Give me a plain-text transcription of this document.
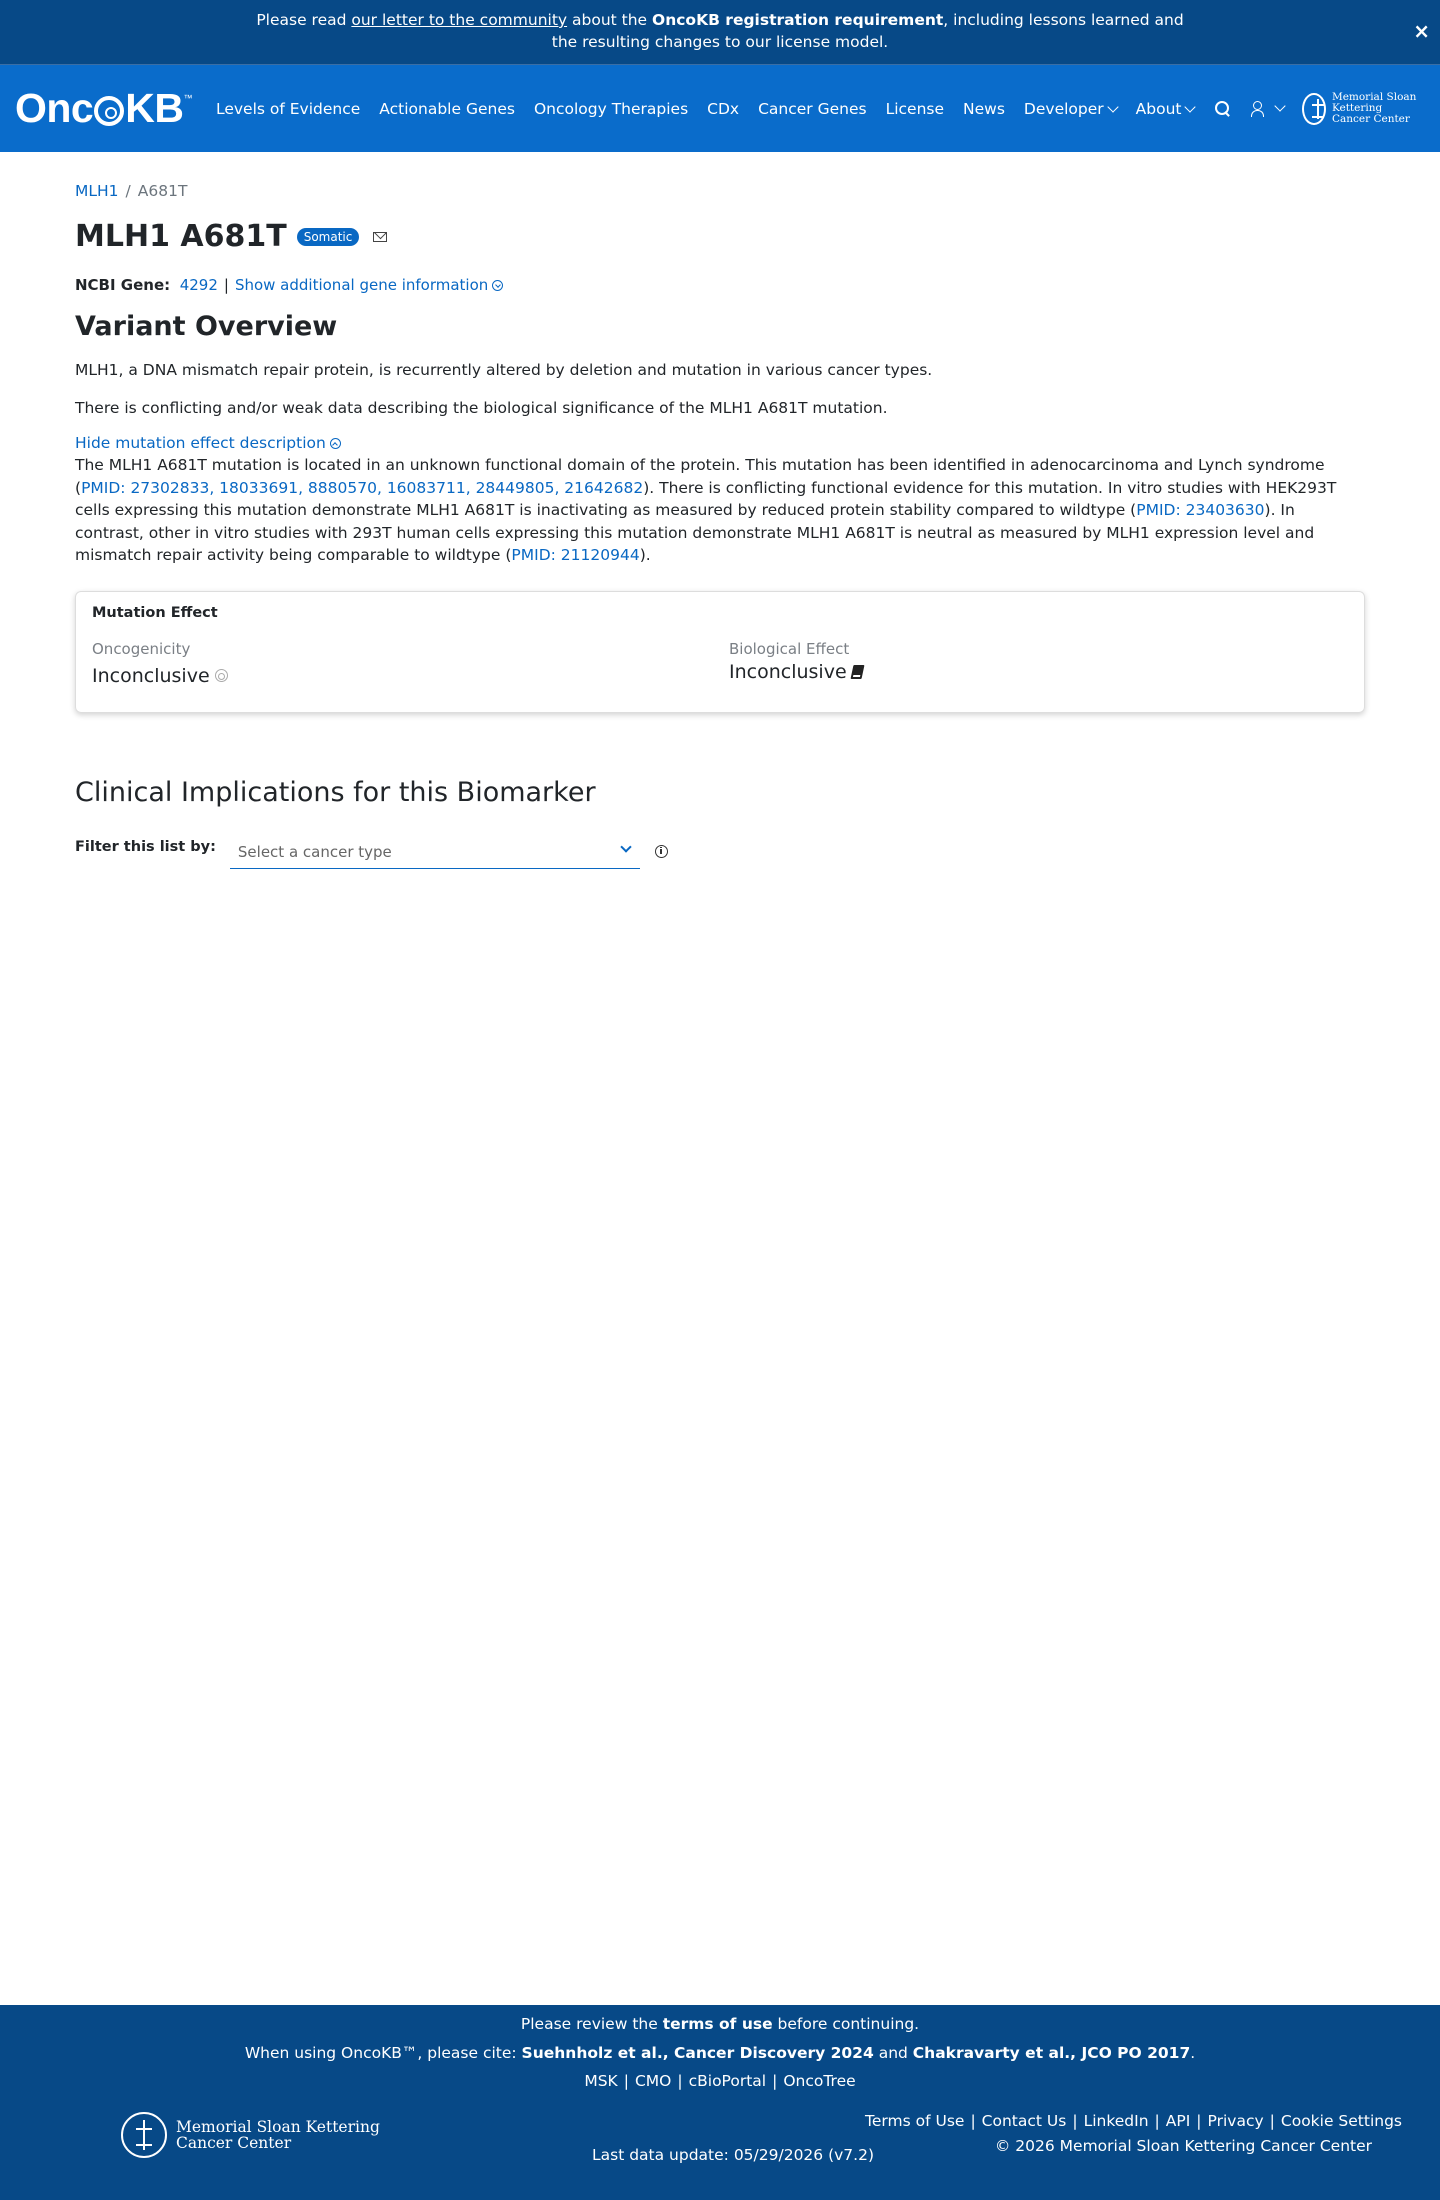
Please read our letter to the community about the OncoKB registration requirement, including lessons learned and
the resulting changes to our license model.	×
Onc KB™
Levels of Evidence Actionable Genes Oncology Therapies CDx Cancer Genes License News Developer	About
Memorial Sloan Kettering
Cancer Center
MLH1 / A681T
MLH1 A681T	Somatic
NCBI Gene: 4292 | Show additional gene information
Variant Overview

MLH1, a DNA mismatch repair protein, is recurrently altered by deletion and mutation in various cancer types.

There is conflicting and/or weak data describing the biological significance of the MLH1 A681T mutation.

Hide mutation effect description

The MLH1 A681T mutation is located in an unknown functional domain of the protein. This mutation has been identified in adenocarcinoma and Lynch syndrome (PMID: 27302833, 18033691, 8880570, 16083711, 28449805, 21642682). There is conflicting functional evidence for this mutation. In vitro studies with HEK293T cells expressing this mutation demonstrate MLH1 A681T is inactivating as measured by reduced protein stability compared to wildtype (PMID: 23403630). In contrast, other in vitro studies with 293T human cells expressing this mutation demonstrate MLH1 A681T is neutral as measured by MLH1 expression level and mismatch repair activity being comparable to wildtype (PMID: 21120944).

Mutation Effect
Oncogenicity
Inconclusive
Biological Effect
Inconclusive
Clinical Implications for this Biomarker
Filter this list by:	Select a cancer type
Please review the terms of use before continuing.
When using OncoKB™, please cite: Suehnholz et al., Cancer Discovery 2024 and Chakravarty et al., JCO PO 2017.
MSK | CMO | cBioPortal | OncoTree
Memorial Sloan Kettering
Cancer Center
Last data update: 05/29/2026 (v7.2)
Terms of Use | Contact Us | LinkedIn | API | Privacy | Cookie Settings
© 2026 Memorial Sloan Kettering Cancer Center
